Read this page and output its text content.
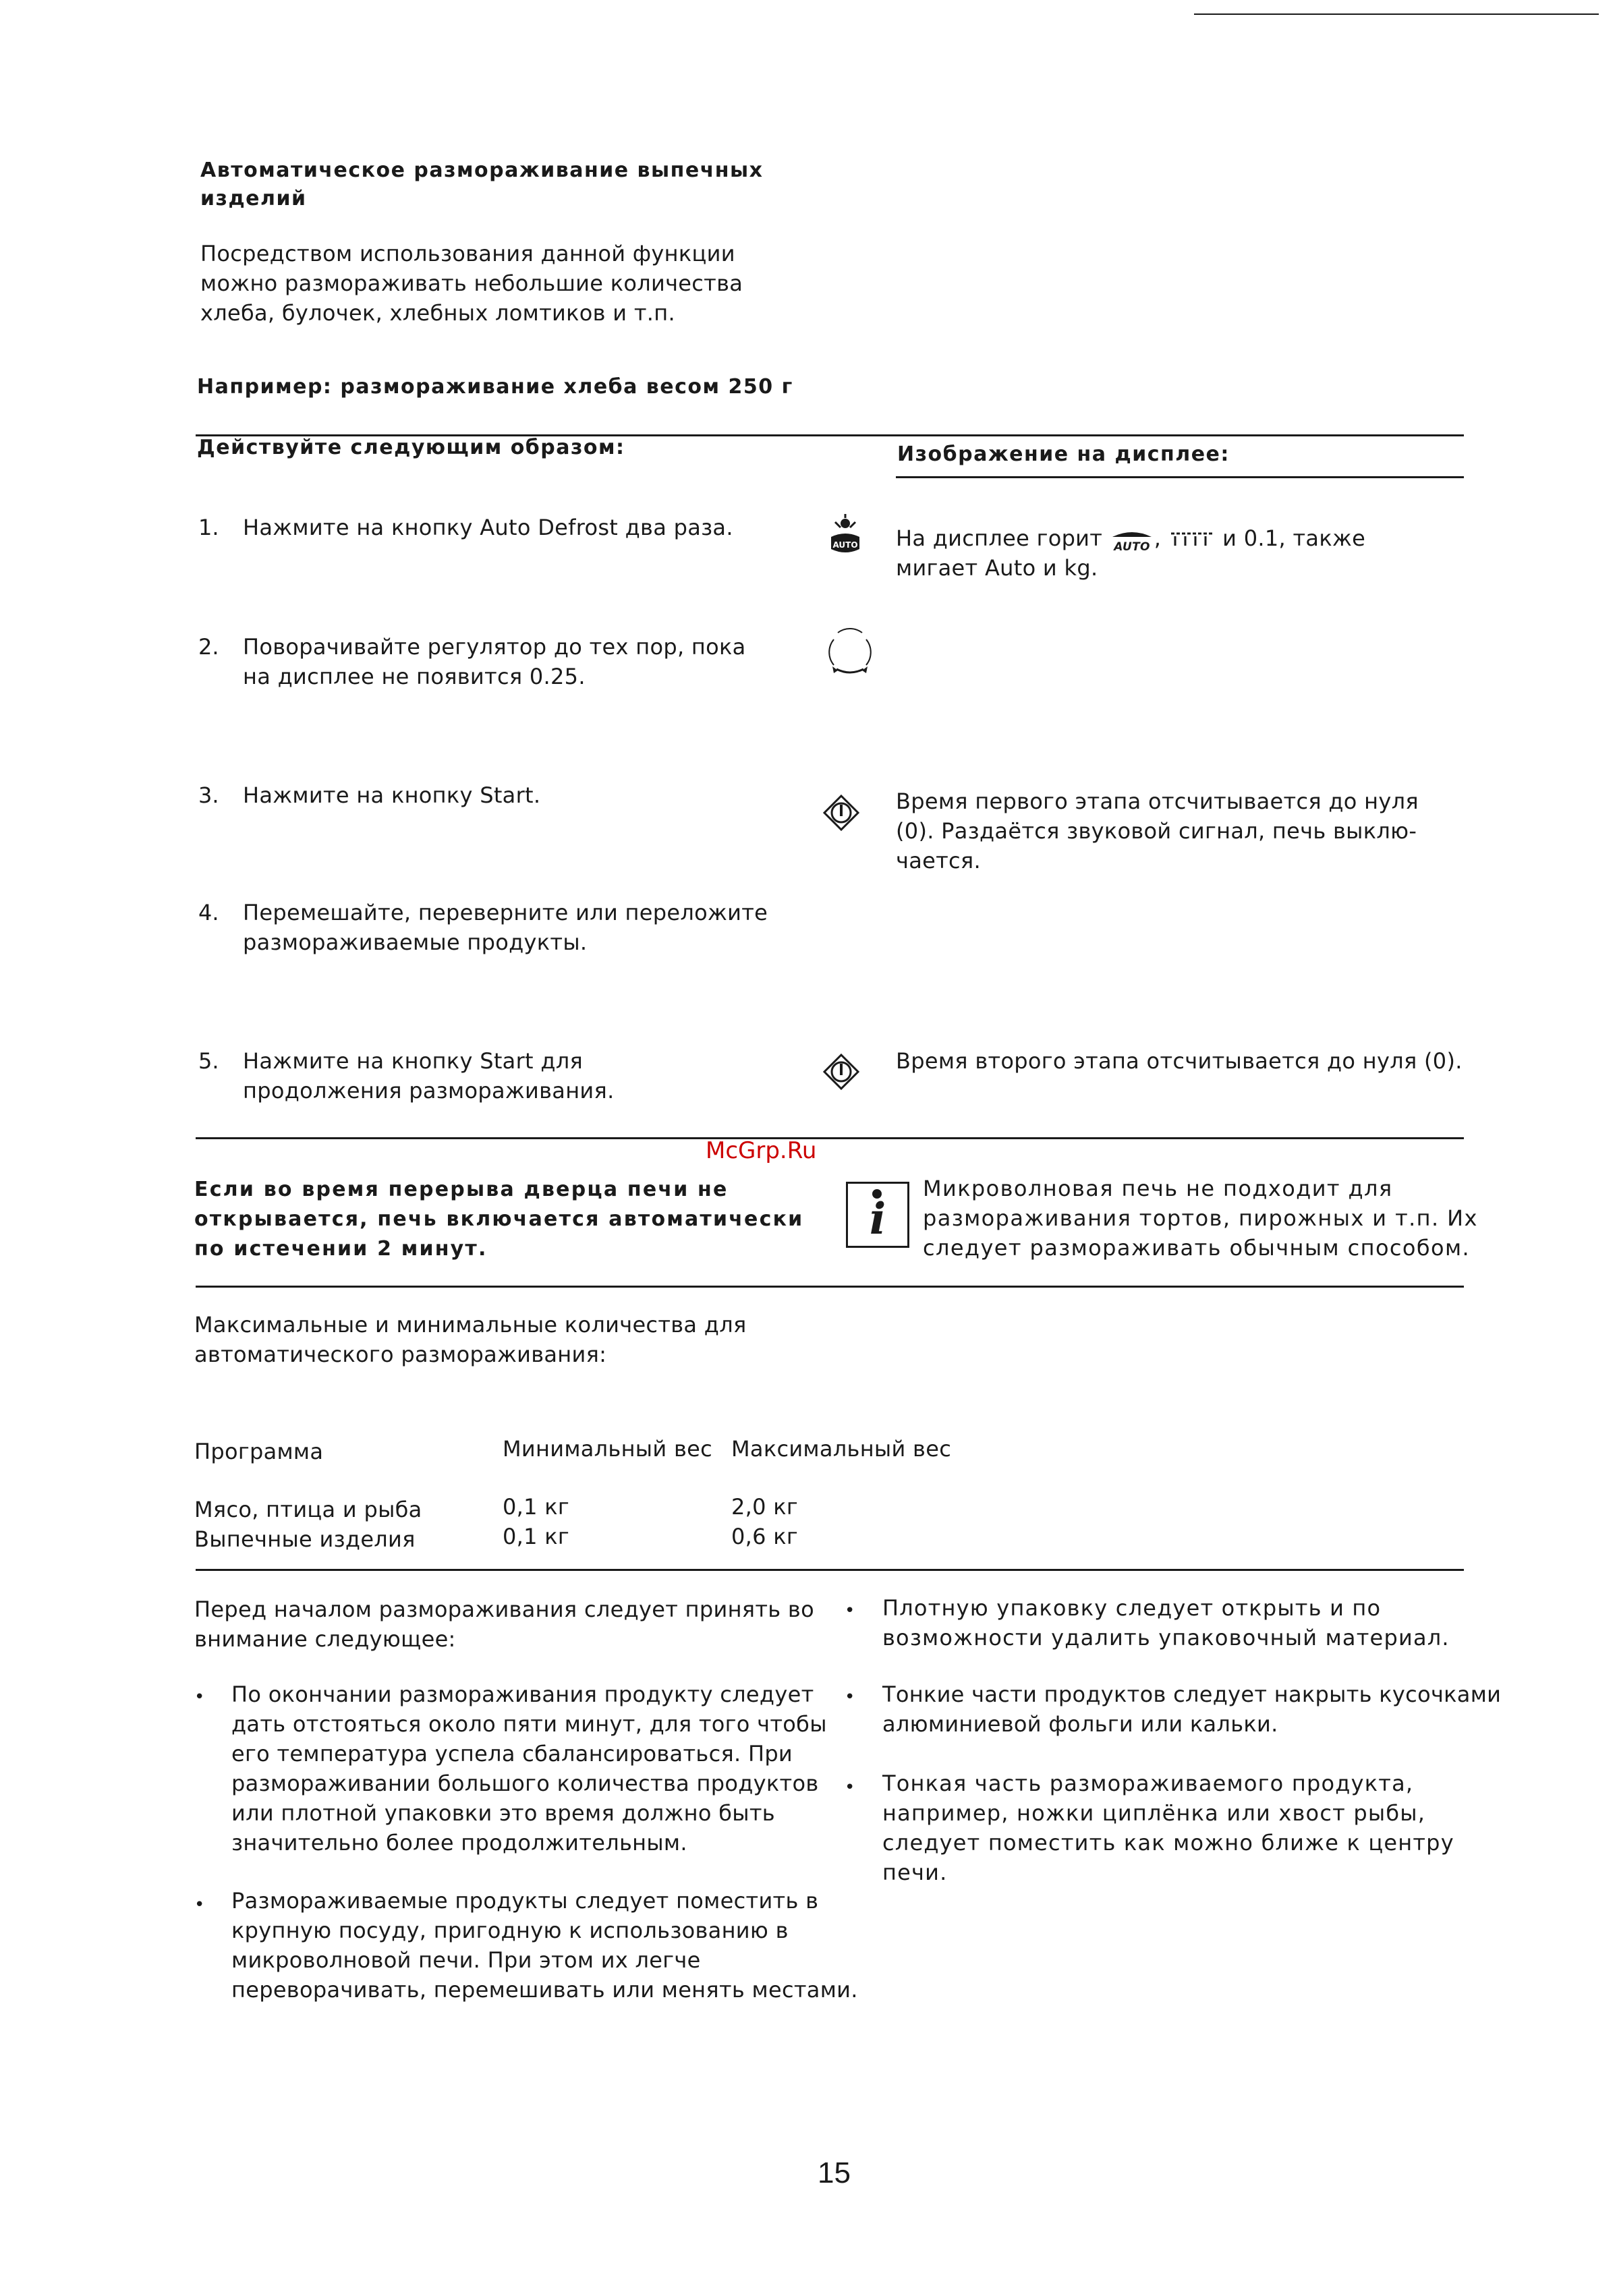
Автоматическое размораживание выпечных
изделий
Посредством использования данной функции
можно размораживать небольшие количества
хлеба, булочек, хлебных ломтиков и т.п.
Например: размораживание хлеба весом 250 г
Действуйте следующим образом:	Изображение на дисплее:
1. Нажмите на кнопку Auto Defrost два раза.
AUTO На дисплее горит AUTO ,	и 0.1, также
мигает Auto и kg.
2. Поворачивайте регулятор до тех пор, пока
на дисплее не появится 0.25.
3. Нажмите на кнопку Start.	Время первого этапа отсчитывается до нуля
(0). Раздаётся звуковой сигнал, печь выклю-
чается.
4. Перемешайте, переверните или переложите
размораживаемые продукты.
5. Нажмите на кнопку Start для
продолжения размораживания.
Время второго этапа отсчитывается до нуля (0).
McGrp.Ru
Если во время перерыва дверца печи не
открывается, печь включается автоматически
по истечении 2 минут.
i
Микроволновая печь не подходит для
размораживания тортов, пирожных и т.п. Их
следует размораживать обычным способом.
Максимальные и минимальные количества для
автоматического размораживания:
Программа	Минимальный вес Максимальный вес
Мясо, птица и рыба	0,1 кг	2,0 кг
Выпечные изделия	0,1 кг	0,6 кг
Перед началом размораживания следует принять во
внимание следующее:
• По окончании размораживания продукту следует
дать отстояться около пяти минут, для того чтобы
его температура успела сбалансироваться. При
размораживании большого количества продуктов
или плотной упаковки это время должно быть
значительно более продолжительным.
• Размораживаемые продукты следует поместить в
крупную посуду, пригодную к использованию в
микроволновой печи. При этом их легче
переворачивать, перемешивать или менять местами.
• Плотную упаковку следует открыть и по
возможности удалить упаковочный материал.
• Тонкие части продуктов следует накрыть кусочками
алюминиевой фольги или кальки.
• Тонкая часть размораживаемого продукта,
например, ножки циплёнка или хвост рыбы,
следует поместить как можно ближе к центру
печи.
15
